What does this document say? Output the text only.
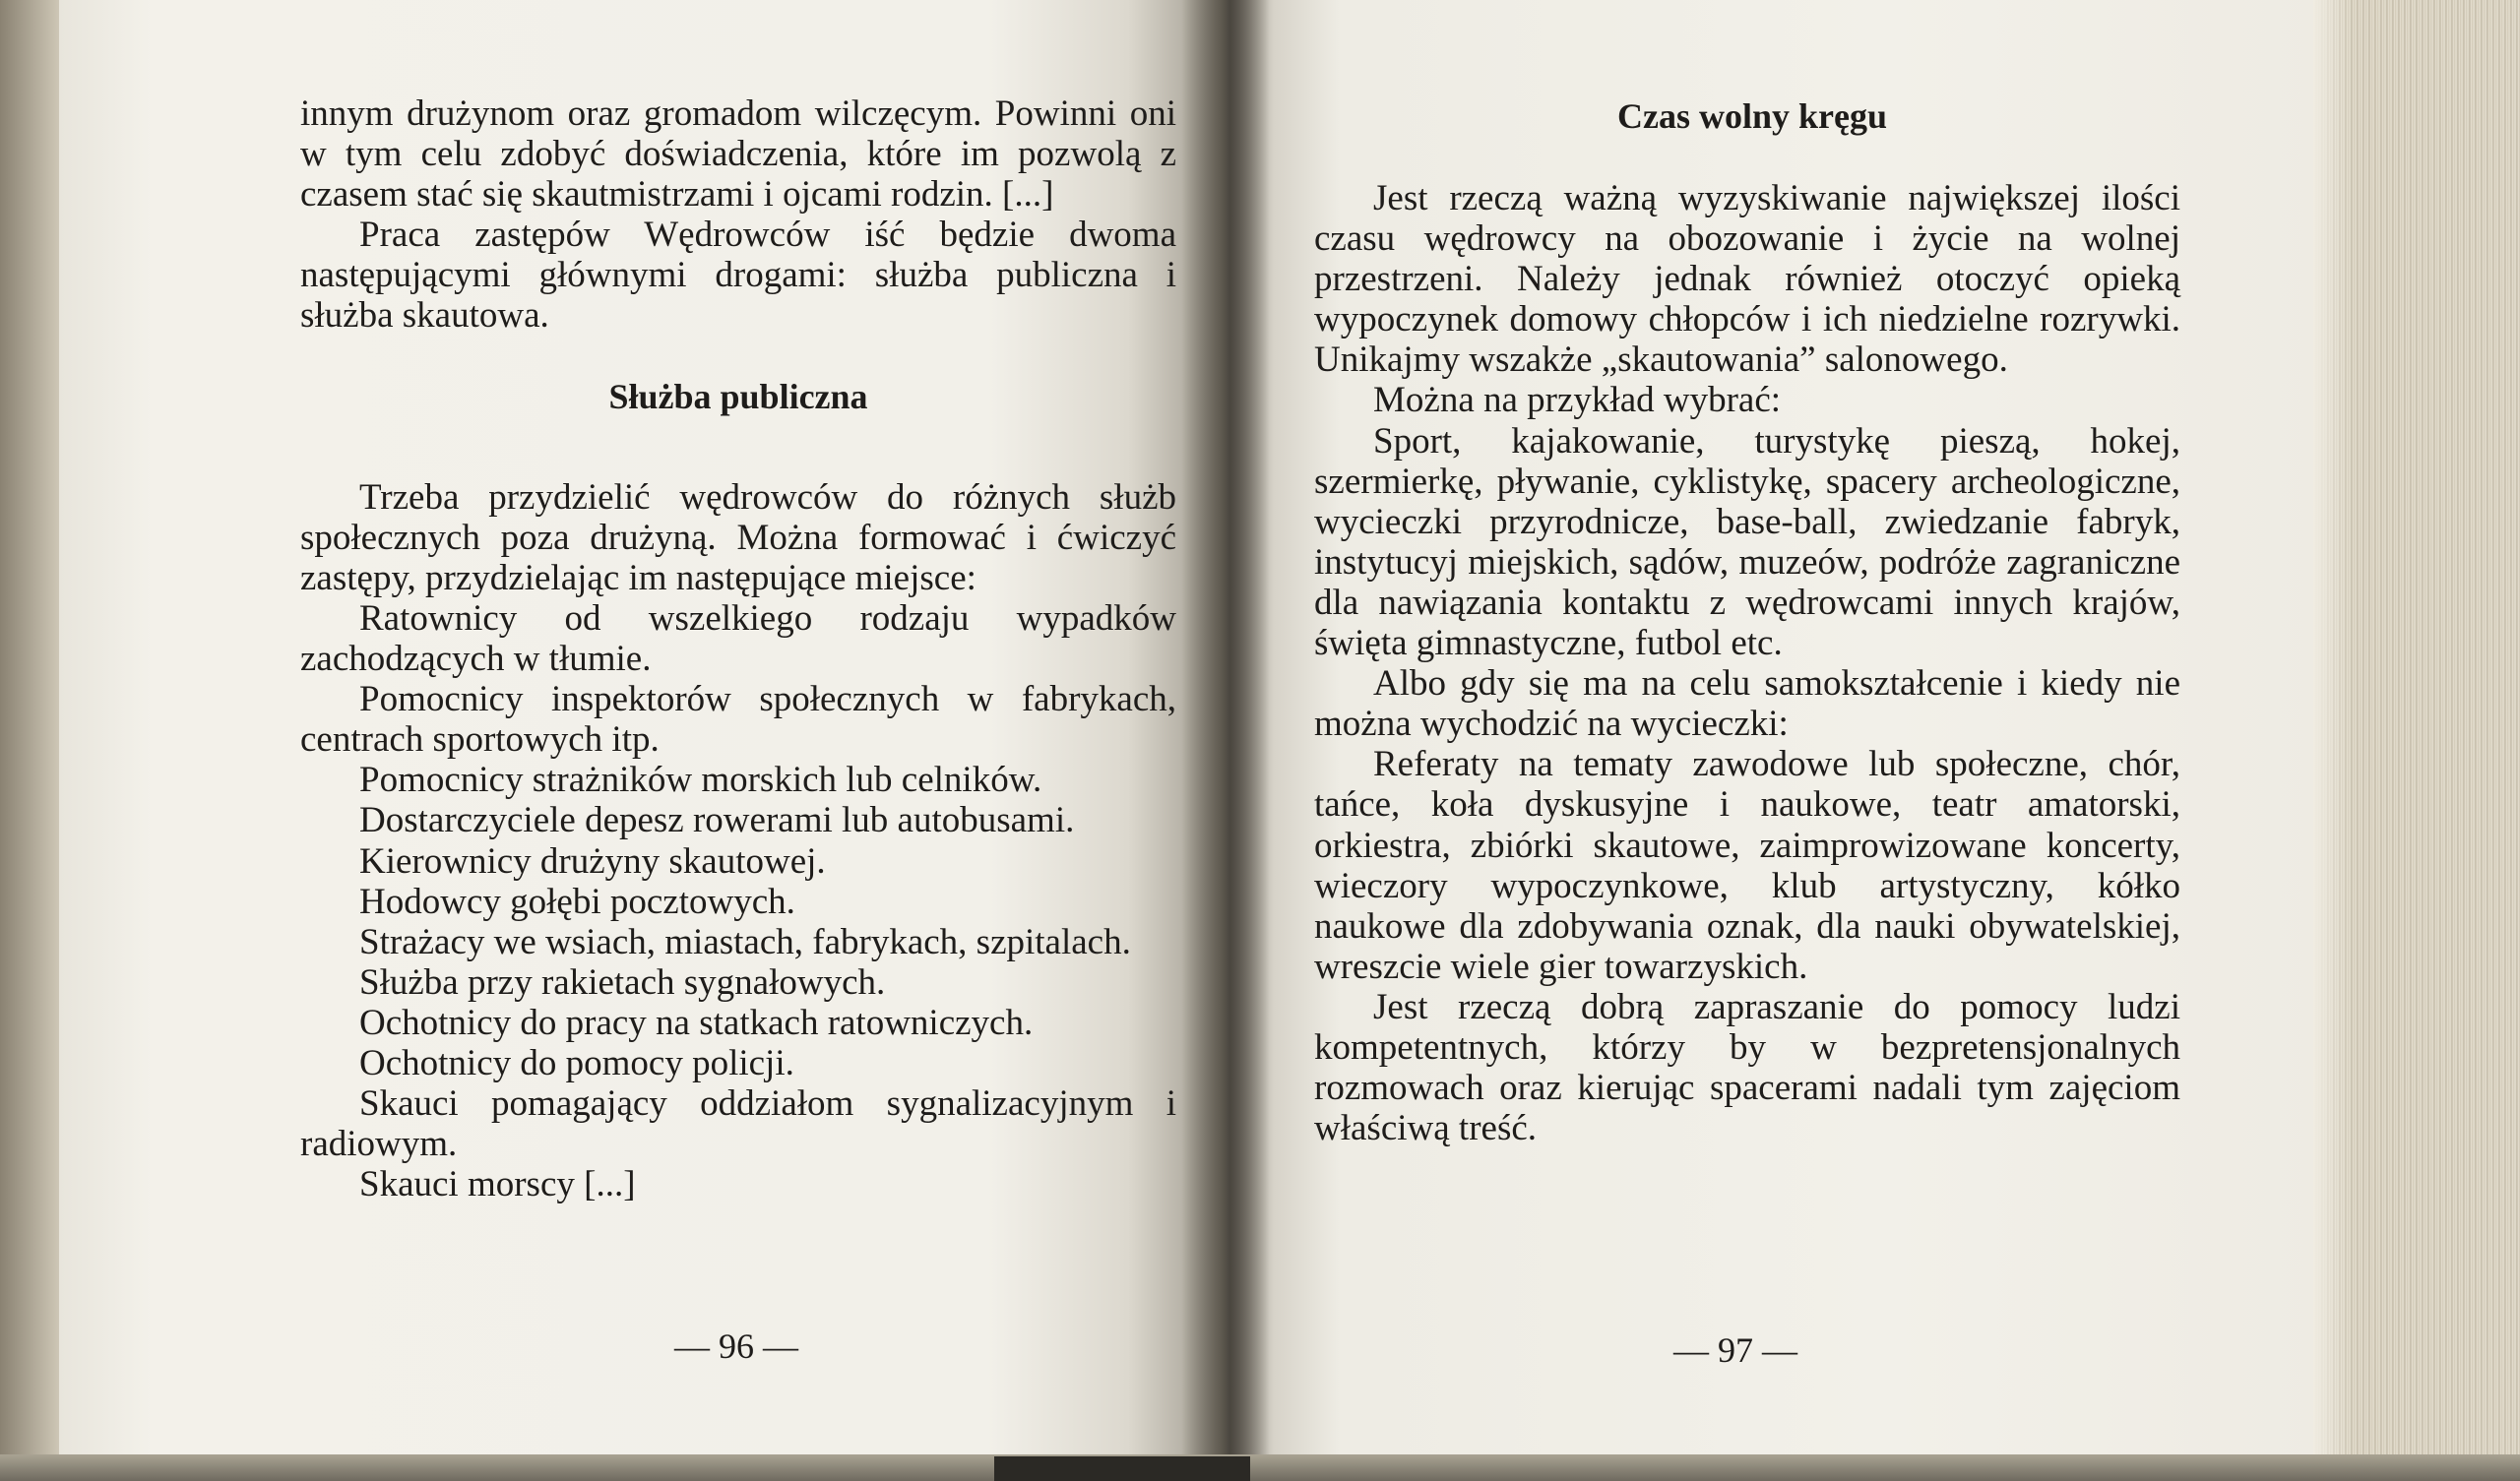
innym drużynom oraz gromadom wilczęcym. Powinni oni w tym celu zdobyć doświadczenia, które im pozwolą z czasem stać się skautmistrzami i ojcami rodzin. [...]

Praca zastępów Wędrowców iść będzie dwoma następującymi głównymi drogami: służba publiczna i służba skautowa.

Służba publiczna

Trzeba przydzielić wędrowców do różnych służb społecznych poza drużyną. Można formować i ćwiczyć zastępy, przydzielając im następujące miejsce:

Ratownicy od wszelkiego rodzaju wypadków zachodzących w tłumie.

Pomocnicy inspektorów społecznych w fabrykach, centrach sportowych itp.

Pomocnicy strażników morskich lub celników.

Dostarczyciele depesz rowerami lub autobusami.

Kierownicy drużyny skautowej.

Hodowcy gołębi pocztowych.

Strażacy we wsiach, miastach, fabrykach, szpitalach.

Służba przy rakietach sygnałowych.

Ochotnicy do pracy na statkach ratowniczych.

Ochotnicy do pomocy policji.

Skauci pomagający oddziałom sygnalizacyjnym i radiowym.

Skauci morscy [...]

— 96 —
Czas wolny kręgu

Jest rzeczą ważną wyzyskiwanie największej ilości czasu wędrowcy na obozowanie i życie na wolnej przestrzeni. Należy jednak również otoczyć opieką wypoczynek domowy chłopców i ich niedzielne rozrywki. Unikajmy wszakże „skautowania” salonowego.

Można na przykład wybrać:

Sport, kajakowanie, turystykę pieszą, hokej, szermierkę, pływanie, cyklistykę, spacery archeologiczne, wycieczki przyrodnicze, base-ball, zwiedzanie fabryk, instytucyj miejskich, sądów, muzeów, podróże zagraniczne dla nawiązania kontaktu z wędrowcami innych krajów, święta gimnastyczne, futbol etc.

Albo gdy się ma na celu samokształcenie i kiedy nie można wychodzić na wycieczki:

Referaty na tematy zawodowe lub społeczne, chór, tańce, koła dyskusyjne i naukowe, teatr amatorski, orkiestra, zbiórki skautowe, zaimprowizowane koncerty, wieczory wypoczynkowe, klub artystyczny, kółko naukowe dla zdobywania oznak, dla nauki obywatelskiej, wreszcie wiele gier towarzyskich.

Jest rzeczą dobrą zapraszanie do pomocy ludzi kompetentnych, którzy by w bezpretensjonalnych rozmowach oraz kierując spacerami nadali tym zajęciom właściwą treść.

— 97 —
